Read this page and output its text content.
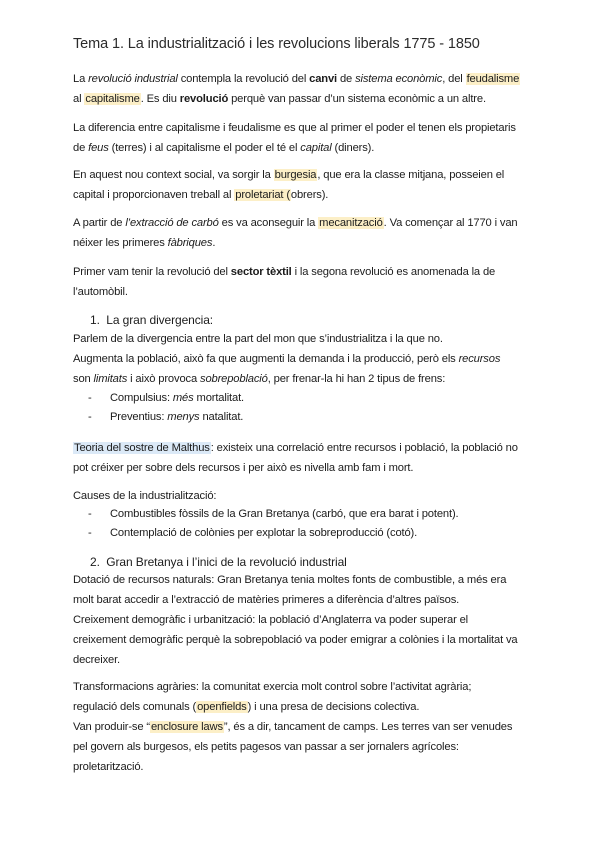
Tema 1. La industrialització i les revolucions liberals 1775 - 1850

La revolució industrial contempla la revolució del canvi de sistema econòmic, del feudalisme
al capitalisme. Es diu revolució perquè van passar d’un sistema econòmic a un altre.

La diferencia entre capitalisme i feudalisme es que al primer el poder el tenen els propietaris
de feus (terres) i al capitalisme el poder el té el capital (diners).

En aquest nou context social, va sorgir la burgesia, que era la classe mitjana, posseien el
capital i proporcionaven treball al proletariat (obrers).

A partir de l’extracció de carbó es va aconseguir la mecanització. Va començar al 1770 i van
néixer les primeres fàbriques.

Primer vam tenir la revolució del sector tèxtil i la segona revolució es anomenada la de
l’automòbil.

1. La gran divergencia:

Parlem de la divergencia entre la part del mon que s’industrialitza i la que no.
Augmenta la població, això fa que augmenti la demanda i la producció, però els recursos
son limitats i això provoca sobrepoblació, per frenar-la hi han 2 tipus de frens:

- Compulsius: més mortalitat.
- Preventius: menys natalitat.

Teoria del sostre de Malthus: existeix una correlació entre recursos i població, la població no
pot créixer per sobre dels recursos i per això es nivella amb fam i mort.

Causes de la industrialització:

- Combustibles fòssils de la Gran Bretanya (carbó, que era barat i potent).
- Contemplació de colònies per explotar la sobreproducció (cotó).

2. Gran Bretanya i l’inici de la revolució industrial

Dotació de recursos naturals: Gran Bretanya tenia moltes fonts de combustible, a més era
molt barat accedir a l’extracció de matèries primeres a diferència d’altres països.
Creixement demogràfic i urbanització: la població d’Anglaterra va poder superar el
creixement demogràfic perquè la sobrepoblació va poder emigrar a colònies i la mortalitat va
decreixer.

Transformacions agràries: la comunitat exercia molt control sobre l’activitat agrària;
regulació dels comunals (openfields) i una presa de decisions colectiva.
Van produir-se “enclosure laws”, és a dir, tancament de camps. Les terres van ser venudes
pel govern als burgesos, els petits pagesos van passar a ser jornalers agrícoles:
proletarització.
